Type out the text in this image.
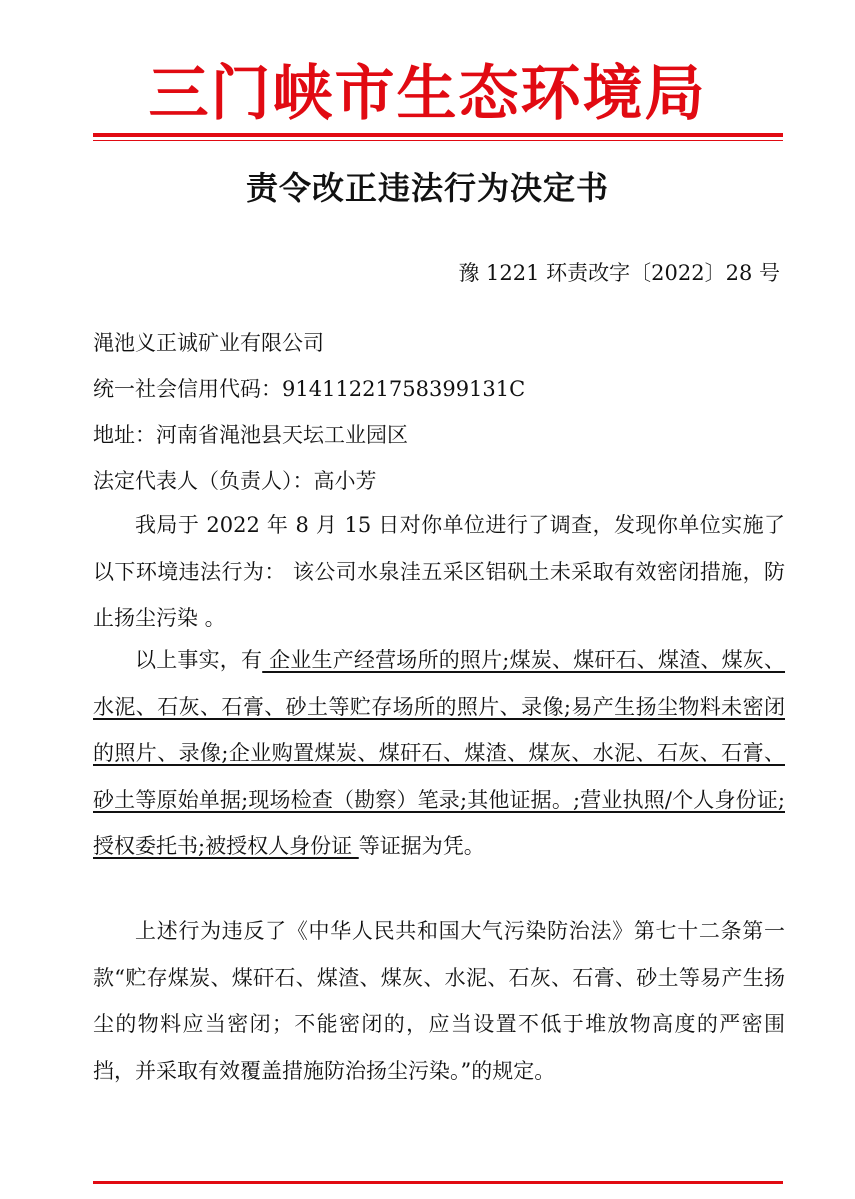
三门峡市生态环境局
责令改正违法行为决定书
豫 1221 环责改字〔2022〕28 号
渑池义正诚矿业有限公司
统一社会信用代码：91411221758399131C
地址：河南省渑池县天坛工业园区
法定代表人（负责人）：高小芳
我局于 2022 年 8 月 15 日对你单位进行了调查，发现你单位实施了以下环境违法行为： 该公司水泉洼五采区铝矾土未采取有效密闭措施，防止扬尘污染 。
以上事实，有 企业生产经营场所的照片;煤炭、煤矸石、煤渣、煤灰、水泥、石灰、石膏、砂土等贮存场所的照片、录像;易产生扬尘物料未密闭的照片、录像;企业购置煤炭、煤矸石、煤渣、煤灰、水泥、石灰、石膏、砂土等原始单据;现场检查（勘察）笔录;其他证据。;营业执照/个人身份证;授权委托书;被授权人身份证 等证据为凭。
上述行为违反了《中华人民共和国大气污染防治法》第七十二条第一款“贮存煤炭、煤矸石、煤渣、煤灰、水泥、石灰、石膏、砂土等易产生扬尘的物料应当密闭；不能密闭的，应当设置不低于堆放物高度的严密围挡，并采取有效覆盖措施防治扬尘污染。”的规定。
